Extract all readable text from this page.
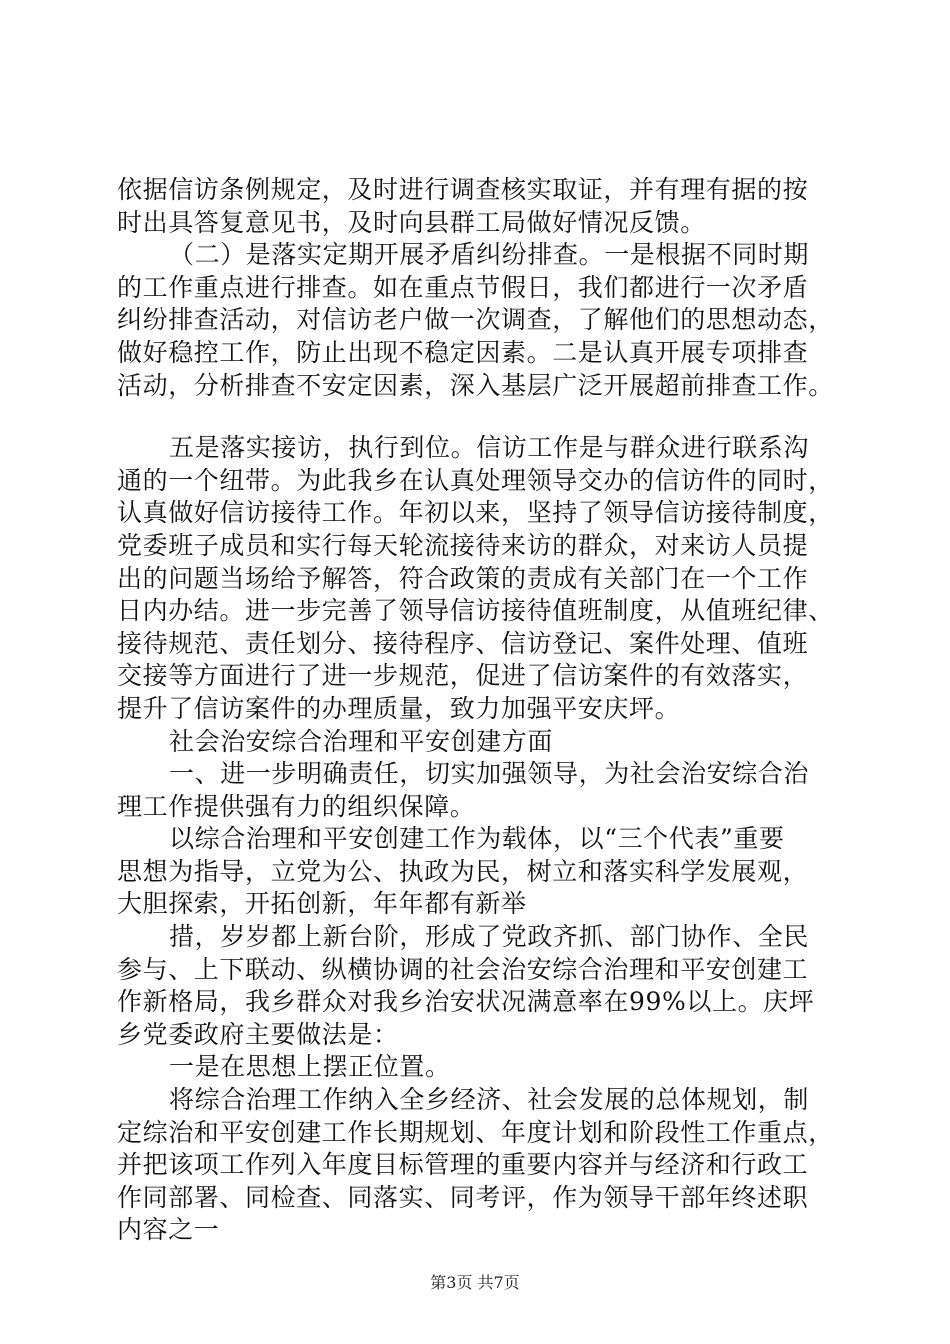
依据信访条例规定，及时进行调查核实取证，并有理有据的按
时出具答复意见书，及时向县群工局做好情况反馈。
（二）是落实定期开展矛盾纠纷排查。一是根据不同时期
的工作重点进行排查。如在重点节假日，我们都进行一次矛盾
纠纷排查活动，对信访老户做一次调查，了解他们的思想动态，
做好稳控工作，防止出现不稳定因素。二是认真开展专项排查
活动，分析排查不安定因素，深入基层广泛开展超前排查工作。
五是落实接访，执行到位。信访工作是与群众进行联系沟
通的一个纽带。为此我乡在认真处理领导交办的信访件的同时，
认真做好信访接待工作。年初以来，坚持了领导信访接待制度，
党委班子成员和实行每天轮流接待来访的群众，对来访人员提
出的问题当场给予解答，符合政策的责成有关部门在一个工作
日内办结。进一步完善了领导信访接待值班制度，从值班纪律、
接待规范、责任划分、接待程序、信访登记、案件处理、值班
交接等方面进行了进一步规范，促进了信访案件的有效落实，
提升了信访案件的办理质量，致力加强平安庆坪。
社会治安综合治理和平安创建方面
一、进一步明确责任，切实加强领导，为社会治安综合治
理工作提供强有力的组织保障。
以综合治理和平安创建工作为载体，以“三个代表”重要
思想为指导，立党为公、执政为民，树立和落实科学发展观，
大胆探索，开拓创新，年年都有新举
措，岁岁都上新台阶，形成了党政齐抓、部门协作、全民
参与、上下联动、纵横协调的社会治安综合治理和平安创建工
作新格局，我乡群众对我乡治安状况满意率在99%以上。庆坪
乡党委政府主要做法是：
一是在思想上摆正位置。
将综合治理工作纳入全乡经济、社会发展的总体规划，制
定综治和平安创建工作长期规划、年度计划和阶段性工作重点，
并把该项工作列入年度目标管理的重要内容并与经济和行政工
作同部署、同检查、同落实、同考评，作为领导干部年终述职
内容之一
第3页 共7页
